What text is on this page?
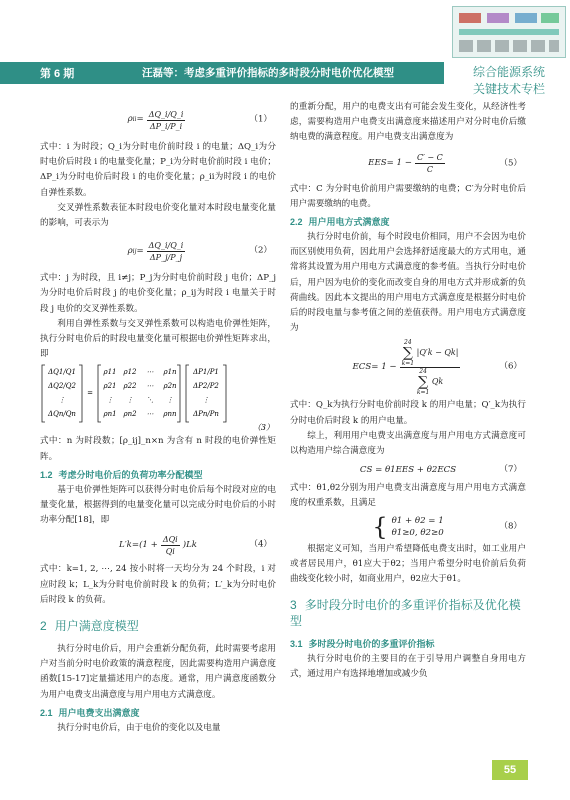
第 6 期	汪磊等：考虑多重评价指标的多时段分时电价优化模型	综合能源系统
关键技术专栏
ρ ii = $\frac{\Delta Q\_i/Q\_i}{\Delta P\_i/P\_i}$	（1）

式中：i 为时段；Q_i为分时电价前时段 i 的电量；ΔQ_i为分时电价后时段 i 的电量变化量；P_i为分时电价前时段 i 电价；ΔP_i为分时电价后时段 i 的电价变化量；ρ_ii为时段 i 的电价自弹性系数。

交叉弹性系数表征本时段电价变化量对本时段电量变化量的影响，可表示为

ρ ij = $\frac{\Delta Q\_i/Q\_i}{\Delta P\_j/P\_j}$	（2）

式中：j 为时段，且 i≠j；P_j为分时电价前时段 j 电价；ΔP_j为分时电价后时段 j 的电价变化量；ρ_ij为时段 i 电量关于时段 j 电价的交叉弹性系数。

利用自弹性系数与交叉弹性系数可以构造电价弹性矩阵，执行分时电价后的时段电量变化量可根据电价弹性矩阵求出，即

ΔQ1/Q1
ΔQ2/Q2
⋮
ΔQn/Qn
=
ρ11 ρ12 ⋯ ρ1n
ρ21 ρ22 ⋯ ρ2n
⋮ ⋮ ⋱ ⋮
ρn1 ρn2 ⋯ ρnn
ΔP1/P1
ΔP2/P2
⋮
ΔPn/Pn
（3）

式中：n 为时段数；[ρ_ij]_n×n 为含有 n 时段的电价弹性矩阵。

1.2 考虑分时电价后的负荷功率分配模型

基于电价弹性矩阵可以获得分时电价后每个时段对应的电量变化量，根据得到的电量变化量可以完成分时电价后的小时功率分配[18]，即

$L'k = (1 + \frac{\text{ΔQi}}{Qi} )Lk$	（4）

式中：k=1, 2, ⋯, 24 按小时将一天均分为 24 个时段，i 对应时段 k；L_k为分时电价前时段 k 的负荷；L′_k为分时电价后时段 k 的负荷。

2 用户满意度模型

执行分时电价后，用户会重新分配负荷，此时需要考虑用户对当前分时电价政策的满意程度，因此需要构造用户满意度函数[15-17]定量描述用户的态度。通常，用户满意度函数分为用户电费支出满意度与用户用电方式满意度。

2.1 用户电费支出满意度

执行分时电价后，由于电价的变化以及电量

的重新分配，用户的电费支出有可能会发生变化，从经济性考虑，需要构造用户电费支出满意度来描述用户对分时电价后缴纳电费的满意程度。用户电费支出满意度为

EES = $1 - \frac{C' - C}{C}$	（5）

式中：C 为分时电价前用户需要缴纳的电费；C′为分时电价后用户需要缴纳的电费。

2.2 用户用电方式满意度

执行分时电价前，每个时段电价相同，用户不会因为电价而区别使用负荷，因此用户会选择舒适度最大的方式用电，通常将其设置为用户用电方式满意度的参考值。当执行分时电价后，用户因为电价的变化而改变自身的用电方式并形成新的负荷曲线。因此本文提出的用户用电方式满意度是根据分时电价后的时段电量与参考值之间的差值获得。用户用电方式满意度为

ECS = 1 − 24
∑
k=1
|Q′k − Qk|
24
∑
k=1
Qk	（6）

式中：Q_k为执行分时电价前时段 k 的用户电量；Q′_k为执行分时电价后时段 k 的用户电量。

综上，利用用户电费支出满意度与用户用电方式满意度可以构造用户综合满意度为

CS = θ1EES + θ2ECS	（7）

式中：θ1,θ2分别为用户电费支出满意度与用户用电方式满意度的权重系数，且满足

{ θ1 + θ2 = 1
θ1≥0, θ2≥0
（8）

根据定义可知，当用户希望降低电费支出时，如工业用户或者居民用户，θ1应大于θ2；当用户希望分时电价前后负荷曲线变化较小时，如商业用户，θ2应大于θ1。

3 多时段分时电价的多重评价指标及优化模型
3.1 多时段分时电价的多重评价指标

执行分时电价的主要目的在于引导用户调整自身用电方式，通过用户有选择地增加或减少负

55
